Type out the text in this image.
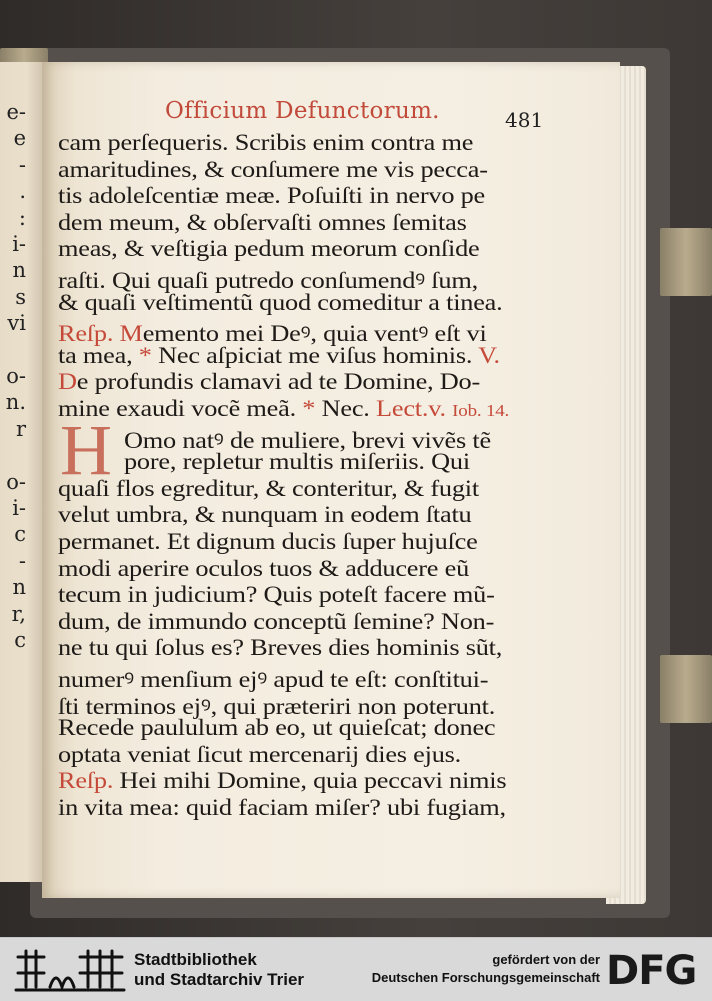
e-
e
-
.
:
i-
n
s
vi
o-
n.
r
o-
i-
c
-
n
r,
c
Officium Defunctorum.	481
H
cam perſequeris. Scribis enim contra me
amaritudines, & conſumere me vis pecca-
tis adoleſcentiæ meæ. Poſuiſti in nervo pe
dem meum, & obſervaſti omnes ſemitas
meas, & veſtigia pedum meorum conſide
raſti. Qui quaſi putredo conſumendꝰ ſum,
& quaſi veſtimentũ quod comeditur a tinea.
Reſp. Memento mei Deꝰ, quia ventꝰ eſt vi
ta mea, * Nec aſpiciat me viſus hominis. V.
De profundis clamavi ad te Domine, Do-
mine exaudi vocẽ meã. * Nec. Lect.v. Iob. 14.
Omo natꝰ de muliere, brevi vivẽs tẽ
pore, repletur multis miſeriis. Qui
quaſi flos egreditur, & conteritur, & fugit
velut umbra, & nunquam in eodem ſtatu
permanet. Et dignum ducis ſuper hujuſce
modi aperire oculos tuos & adducere eũ
tecum in judicium? Quis poteſt facere mũ-
dum, de immundo conceptũ ſemine? Non-
ne tu qui ſolus es? Breves dies hominis sũt,
numerꝰ menſium ejꝰ apud te eſt: conſtitui-
ſti terminos ejꝰ, qui præteriri non poterunt.
Recede paululum ab eo, ut quieſcat; donec
optata veniat ſicut mercenarij dies ejus.
Reſp. Hei mihi Domine, quia peccavi nimis
in vita mea: quid faciam miſer? ubi fugiam,
Stadtbibliothek
und Stadtarchiv Trier
gefördert von der
Deutschen Forschungsgemeinschaft DFG
